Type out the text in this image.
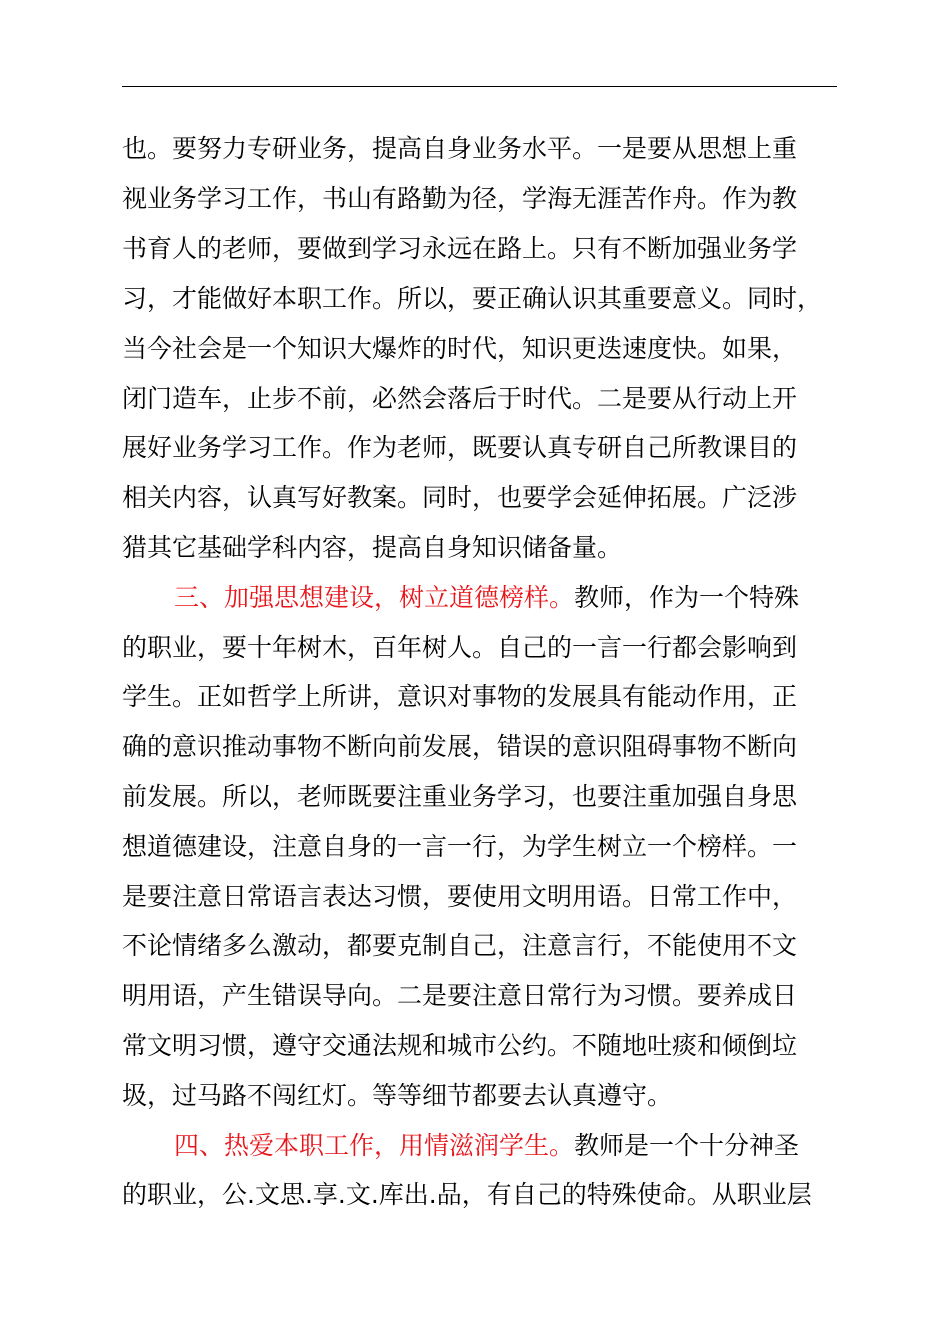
也。要努力专研业务，提高自身业务水平。一是要从思想上重
视业务学习工作，书山有路勤为径，学海无涯苦作舟。作为教
书育人的老师，要做到学习永远在路上。只有不断加强业务学
习，才能做好本职工作。所以，要正确认识其重要意义。同时，
当今社会是一个知识大爆炸的时代，知识更迭速度快。如果，
闭门造车，止步不前，必然会落后于时代。二是要从行动上开
展好业务学习工作。作为老师，既要认真专研自己所教课目的
相关内容，认真写好教案。同时，也要学会延伸拓展。广泛涉
猎其它基础学科内容，提高自身知识储备量。
三、加强思想建设，树立道德榜样。教师，作为一个特殊
的职业，要十年树木，百年树人。自己的一言一行都会影响到
学生。正如哲学上所讲，意识对事物的发展具有能动作用，正
确的意识推动事物不断向前发展，错误的意识阻碍事物不断向
前发展。所以，老师既要注重业务学习，也要注重加强自身思
想道德建设，注意自身的一言一行，为学生树立一个榜样。一
是要注意日常语言表达习惯，要使用文明用语。日常工作中，
不论情绪多么激动，都要克制自己，注意言行，不能使用不文
明用语，产生错误导向。二是要注意日常行为习惯。要养成日
常文明习惯，遵守交通法规和城市公约。不随地吐痰和倾倒垃
圾，过马路不闯红灯。等等细节都要去认真遵守。
四、热爱本职工作，用情滋润学生。教师是一个十分神圣
的职业，公.文思.享.文.库出.品，有自己的特殊使命。从职业层
